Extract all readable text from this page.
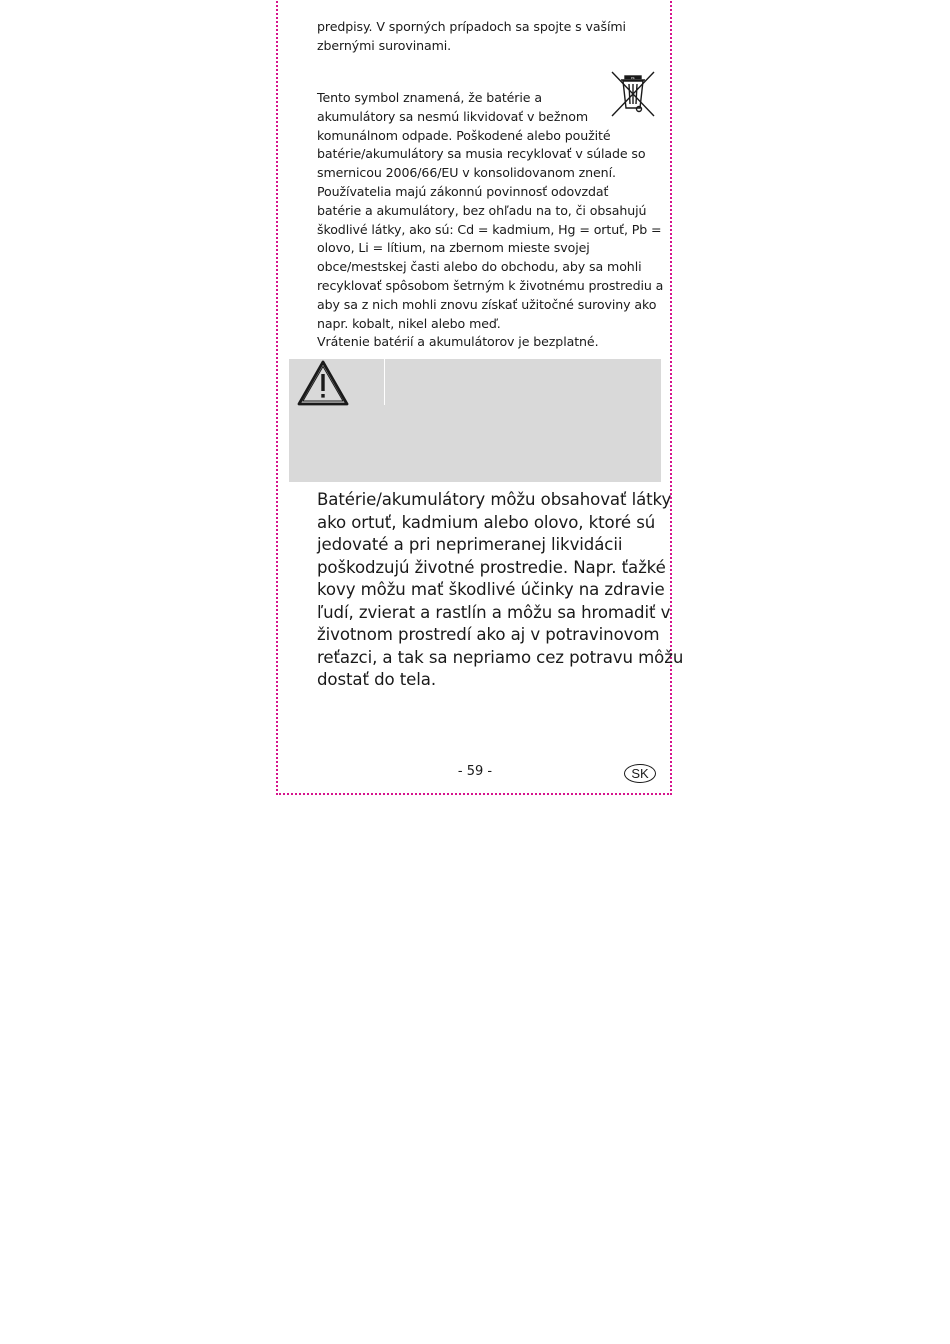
predpisy. V sporných prípadoch sa spojte s vašími
zbernými surovinami.
Pb
Tento symbol znamená, že batérie a
akumulátory sa nesmú likvidovať v bežnom
komunálnom odpade. Poškodené alebo použité
batérie/akumulátory sa musia recyklovať v súlade so
smernicou 2006/66/EU v konsolidovanom znení.
Používatelia majú zákonnú povinnosť odovzdať
batérie a akumulátory, bez ohľadu na to, či obsahujú
škodlivé látky, ako sú: Cd = kadmium, Hg = ortuť, Pb =
olovo, Li = lítium, na zbernom mieste svojej
obce/mestskej časti alebo do obchodu, aby sa mohli
recyklovať spôsobom šetrným k životnému prostrediu a
aby sa z nich mohli znovu získať užitočné suroviny ako
napr. kobalt, nikel alebo meď.
Vrátenie batérií a akumulátorov je bezplatné.
Batérie/akumulátory môžu obsahovať látky
ako ortuť, kadmium alebo olovo, ktoré sú
jedovaté a pri neprimeranej likvidácii
poškodzujú životné prostredie. Napr. ťažké
kovy môžu mať škodlivé účinky na zdravie
ľudí, zvierat a rastlín a môžu sa hromadiť v
životnom prostredí ako aj v potravinovom
reťazci, a tak sa nepriamo cez potravu môžu
dostať do tela.
- 59 -	SK
